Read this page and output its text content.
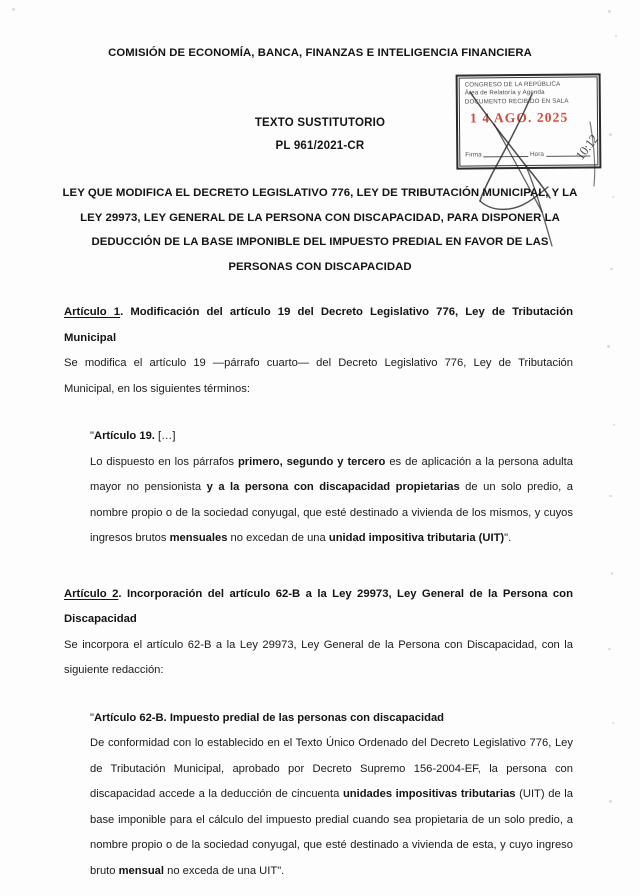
COMISIÓN DE ECONOMÍA, BANCA, FINANZAS E INTELIGENCIA FINANCIERA
CONGRESO DE LA REPÚBLICA
Área de Relatoría y Agenda
DOCUMENTO RECIBIDO EN SALA
1 4 AGO. 2025
Firma	Hora 10:12
TEXTO SUSTITUTORIO
PL 961/2021-CR
LEY QUE MODIFICA EL DECRETO LEGISLATIVO 776, LEY DE TRIBUTACIÓN MUNICIPAL, Y LA LEY 29973, LEY GENERAL DE LA PERSONA CON DISCAPACIDAD, PARA DISPONER LA DEDUCCIÓN DE LA BASE IMPONIBLE DEL IMPUESTO PREDIAL EN FAVOR DE LAS PERSONAS CON DISCAPACIDAD

Artículo 1. Modificación del artículo 19 del Decreto Legislativo 776, Ley de Tributación Municipal

Se modifica el artículo 19 —párrafo cuarto— del Decreto Legislativo 776, Ley de Tributación Municipal, en los siguientes términos:

"Artículo 19. […]

Lo dispuesto en los párrafos primero, segundo y tercero es de aplicación a la persona adulta mayor no pensionista y a la persona con discapacidad propietarias de un solo predio, a nombre propio o de la sociedad conyugal, que esté destinado a vivienda de los mismos, y cuyos ingresos brutos mensuales no excedan de una unidad impositiva tributaria (UIT)".

Artículo 2. Incorporación del artículo 62-B a la Ley 29973, Ley General de la Persona con Discapacidad

Se incorpora el artículo 62-B a la Ley 29973, Ley General de la Persona con Discapacidad, con la siguiente redacción:

"Artículo 62-B. Impuesto predial de las personas con discapacidad

De conformidad con lo establecido en el Texto Único Ordenado del Decreto Legislativo 776, Ley de Tributación Municipal, aprobado por Decreto Supremo 156-2004-EF, la persona con discapacidad accede a la deducción de cincuenta unidades impositivas tributarias (UIT) de la base imponible para el cálculo del impuesto predial cuando sea propietaria de un solo predio, a nombre propio o de la sociedad conyugal, que esté destinado a vivienda de esta, y cuyo ingreso bruto mensual no exceda de una UIT".
